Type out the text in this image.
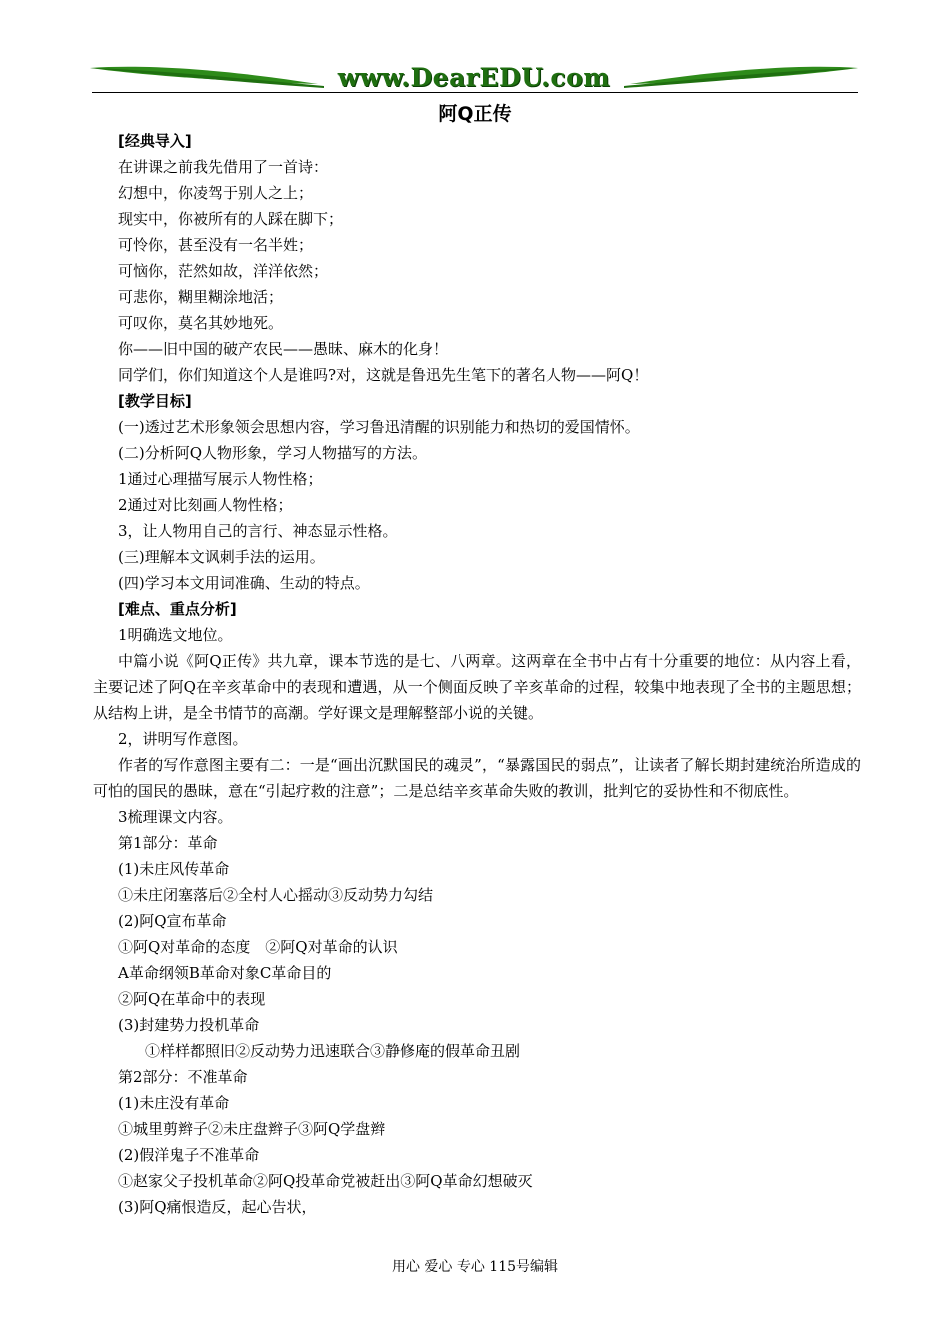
www.DearEDU.com
阿Q正传
[经典导入]
在讲课之前我先借用了一首诗：
幻想中，你凌驾于别人之上；
现实中，你被所有的人踩在脚下；
可怜你，甚至没有一名半姓；
可恼你，茫然如故，洋洋依然；
可悲你，糊里糊涂地活；
可叹你，莫名其妙地死。
你——旧中国的破产农民——愚昧、麻木的化身！
同学们，你们知道这个人是谁吗?对，这就是鲁迅先生笔下的著名人物——阿Q！
[教学目标]
(一)透过艺术形象领会思想内容，学习鲁迅清醒的识别能力和热切的爱国情怀。
(二)分析阿Q人物形象，学习人物描写的方法。
1通过心理描写展示人物性格；
2通过对比刻画人物性格；
3，让人物用自己的言行、神态显示性格。
(三)理解本文讽刺手法的运用。
(四)学习本文用词准确、生动的特点。
[难点、重点分析]
1明确选文地位。

中篇小说《阿Q正传》共九章，课本节选的是七、八两章。这两章在全书中占有十分重要的地位：从内容上看，主要记述了阿Q在辛亥革命中的表现和遭遇，从一个侧面反映了辛亥革命的过程，较集中地表现了全书的主题思想；从结构上讲，是全书情节的高潮。学好课文是理解整部小说的关键。

2，讲明写作意图。

作者的写作意图主要有二：一是“画出沉默国民的魂灵”，“暴露国民的弱点”，让读者了解长期封建统治所造成的可怕的国民的愚昧，意在“引起疗救的注意”；二是总结辛亥革命失败的教训，批判它的妥协性和不彻底性。

3梳理课文内容。
第1部分：革命
(1)未庄风传革命
①未庄闭塞落后②全村人心摇动③反动势力勾结
(2)阿Q宣布革命
①阿Q对革命的态度　②阿Q对革命的认识
A革命纲领B革命对象C革命目的
②阿Q在革命中的表现
(3)封建势力投机革命
①样样都照旧②反动势力迅速联合③静修庵的假革命丑剧
第2部分：不准革命
(1)未庄没有革命
①城里剪辫子②未庄盘辫子③阿Q学盘辫
(2)假洋鬼子不准革命
①赵家父子投机革命②阿Q投革命党被赶出③阿Q革命幻想破灭
(3)阿Q痛恨造反，起心告状，
用心 爱心 专心 115号编辑
